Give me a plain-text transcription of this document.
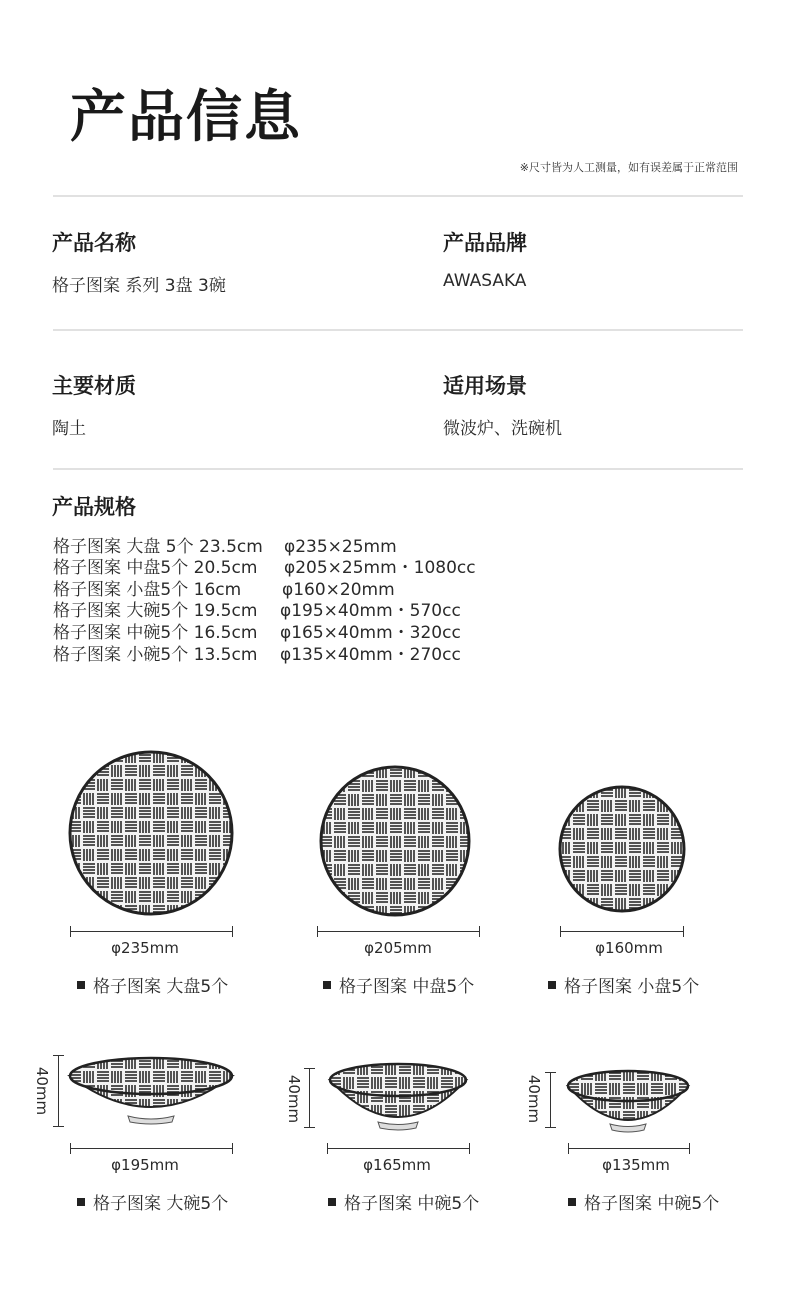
产品信息
※尺寸皆为人工测量，如有误差属于正常范围
产品名称
格子图案 系列 3盘 3碗
产品品牌
AWASAKA
主要材质
陶土
适用场景
微波炉、洗碗机
产品规格
格子图案 大盘 5个 23.5cm φ235×25mm
格子图案 中盘5个 20.5cm φ205×25mm・1080cc
格子图案 小盘5个 16cm φ160×20mm
格子图案 大碗5个 19.5cm φ195×40mm・570cc
格子图案 中碗5个 16.5cm φ165×40mm・320cc
格子图案 小碗5个 13.5cm φ135×40mm・270cc
φ235mm	φ205mm	φ160mm
格子图案 大盘5个	格子图案 中盘5个	格子图案 小盘5个
40mm	40mm	40mm
φ195mm	φ165mm	φ135mm
格子图案 大碗5个	格子图案 中碗5个	格子图案 中碗5个
